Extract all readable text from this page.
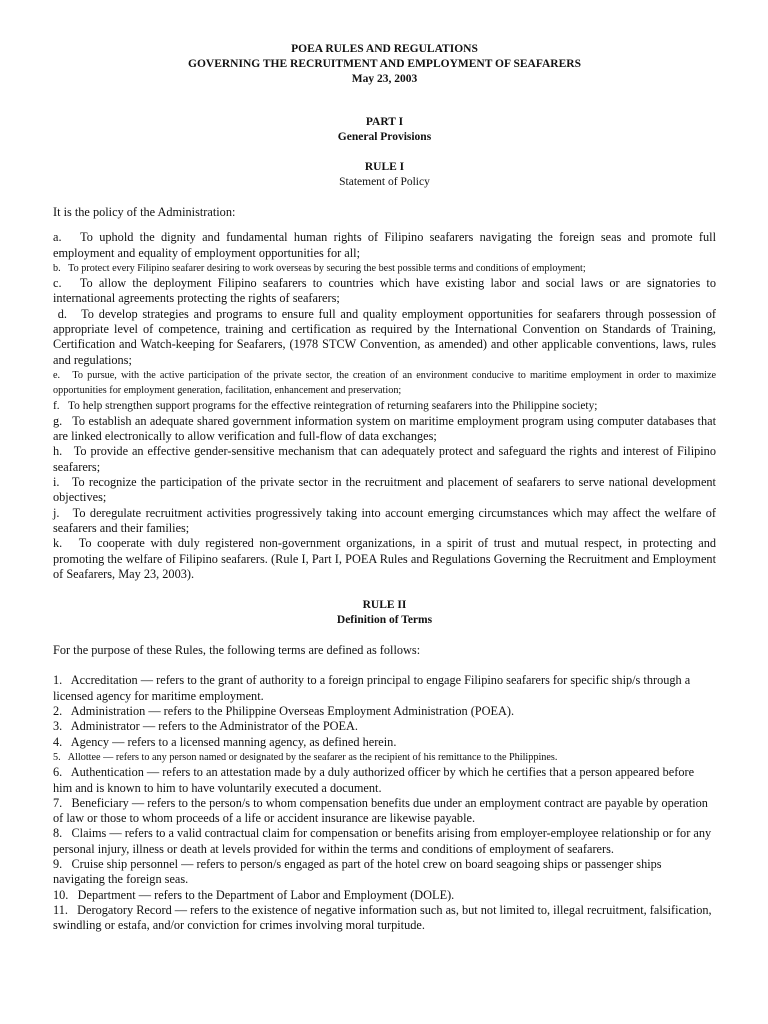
POEA RULES AND REGULATIONS

GOVERNING THE RECRUITMENT AND EMPLOYMENT OF SEAFARERS

May 23, 2003

PART I

General Provisions

RULE I

Statement of Policy

It is the policy of the Administration:

a. To uphold the dignity and fundamental human rights of Filipino seafarers navigating the foreign seas and promote full employment and equality of employment opportunities for all;

b. To protect every Filipino seafarer desiring to work overseas by securing the best possible terms and conditions of employment;

c. To allow the deployment Filipino seafarers to countries which have existing labor and social laws or are signatories to international agreements protecting the rights of seafarers;

d. To develop strategies and programs to ensure full and quality employment opportunities for seafarers through possession of appropriate level of competence, training and certification as required by the International Convention on Standards of Training, Certification and Watch-keeping for Seafarers, (1978 STCW Convention, as amended) and other applicable conventions, laws, rules and regulations;

e. To pursue, with the active participation of the private sector, the creation of an environment conducive to maritime employment in order to maximize opportunities for employment generation, facilitation, enhancement and preservation;

f. To help strengthen support programs for the effective reintegration of returning seafarers into the Philippine society;

g. To establish an adequate shared government information system on maritime employment program using computer databases that are linked electronically to allow verification and full-flow of data exchanges;

h. To provide an effective gender-sensitive mechanism that can adequately protect and safeguard the rights and interest of Filipino seafarers;

i. To recognize the participation of the private sector in the recruitment and placement of seafarers to serve national development objectives;

j. To deregulate recruitment activities progressively taking into account emerging circumstances which may affect the welfare of seafarers and their families;

k. To cooperate with duly registered non-government organizations, in a spirit of trust and mutual respect, in protecting and promoting the welfare of Filipino seafarers. (Rule I, Part I, POEA Rules and Regulations Governing the Recruitment and Employment of Seafarers, May 23, 2003).

RULE II

Definition of Terms

For the purpose of these Rules, the following terms are defined as follows:

1. Accreditation — refers to the grant of authority to a foreign principal to engage Filipino seafarers for specific ship/s through a licensed agency for maritime employment.

2. Administration — refers to the Philippine Overseas Employment Administration (POEA).

3. Administrator — refers to the Administrator of the POEA.

4. Agency — refers to a licensed manning agency, as defined herein.

5. Allottee — refers to any person named or designated by the seafarer as the recipient of his remittance to the Philippines.

6. Authentication — refers to an attestation made by a duly authorized officer by which he certifies that a person appeared before him and is known to him to have voluntarily executed a document.

7. Beneficiary — refers to the person/s to whom compensation benefits due under an employment contract are payable by operation of law or those to whom proceeds of a life or accident insurance are likewise payable.

8. Claims — refers to a valid contractual claim for compensation or benefits arising from employer-employee relationship or for any personal injury, illness or death at levels provided for within the terms and conditions of employment of seafarers.

9. Cruise ship personnel — refers to person/s engaged as part of the hotel crew on board seagoing ships or passenger ships navigating the foreign seas.

10. Department — refers to the Department of Labor and Employment (DOLE).

11. Derogatory Record — refers to the existence of negative information such as, but not limited to, illegal recruitment, falsification, swindling or estafa, and/or conviction for crimes involving moral turpitude.
